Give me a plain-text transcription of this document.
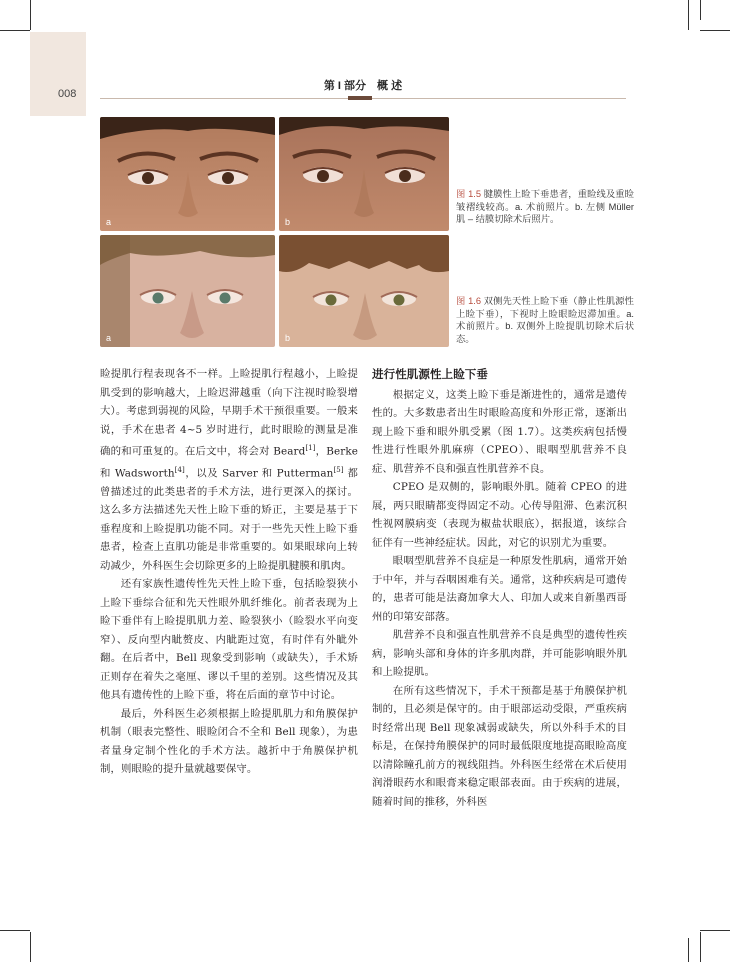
008
第 I 部分　概 述
a	b
图 1.5 腱膜性上睑下垂患者，重睑线及重睑皱褶线较高。a. 术前照片。b. 左侧 Müller 肌 – 结膜切除术后照片。
a	b
图 1.6 双侧先天性上睑下垂（静止性肌源性上睑下垂），下视时上睑眼睑迟滞加重。a. 术前照片。b. 双侧外上睑提肌切除术后状态。

睑提肌行程表现各不一样。上睑提肌行程越小，上睑提肌受到的影响越大，上睑迟滞越重（向下注视时睑裂增大）。考虑到弱视的风险，早期手术干预很重要。一般来说，手术在患者 4~5 岁时进行，此时眼睑的测量是准确的和可重复的。在后文中，将会对 Beard[1]，Berke 和 Wadsworth[4]，以及 Sarver 和 Putterman[5] 都曾描述过的此类患者的手术方法，进行更深入的探讨。这么多方法描述先天性上睑下垂的矫正，主要是基于下垂程度和上睑提肌功能不同。对于一些先天性上睑下垂患者，检查上直肌功能是非常重要的。如果眼球向上转动减少，外科医生会切除更多的上睑提肌腱膜和肌肉。

还有家族性遗传性先天性上睑下垂，包括睑裂狭小上睑下垂综合征和先天性眼外肌纤维化。前者表现为上睑下垂伴有上睑提肌肌力差、睑裂狭小（睑裂水平向变窄）、反向型内眦赘皮、内眦距过宽，有时伴有外眦外翻。在后者中，Bell 现象受到影响（或缺失），手术矫正则存在着失之毫厘、谬以千里的差别。这些情况及其他具有遗传性的上睑下垂，将在后面的章节中讨论。

最后，外科医生必须根据上睑提肌肌力和角膜保护机制（眼表完整性、眼睑闭合不全和 Bell 现象），为患者量身定制个性化的手术方法。越折中于角膜保护机制，则眼睑的提升量就越要保守。

进行性肌源性上睑下垂

根据定义，这类上睑下垂是渐进性的，通常是遗传性的。大多数患者出生时眼睑高度和外形正常，逐渐出现上睑下垂和眼外肌受累（图 1.7）。这类疾病包括慢性进行性眼外肌麻痹（CPEO）、眼咽型肌营养不良症、肌营养不良和强直性肌营养不良。

CPEO 是双侧的，影响眼外肌。随着 CPEO 的进展，两只眼睛都变得固定不动。心传导阻滞、色素沉积性视网膜病变（表现为椒盐状眼底），据报道，该综合征伴有一些神经症状。因此，对它的识别尤为重要。

眼咽型肌营养不良症是一种原发性肌病，通常开始于中年，并与吞咽困难有关。通常，这种疾病是可遗传的，患者可能是法裔加拿大人、印加人或来自新墨西哥州的印第安部落。

肌营养不良和强直性肌营养不良是典型的遗传性疾病，影响头部和身体的许多肌肉群，并可能影响眼外肌和上睑提肌。

在所有这些情况下，手术干预都是基于角膜保护机制的，且必须是保守的。由于眼部运动受限，严重疾病时经常出现 Bell 现象减弱或缺失，所以外科手术的目标是，在保持角膜保护的同时最低限度地提高眼睑高度以清除瞳孔前方的视线阻挡。外科医生经常在术后使用润滑眼药水和眼膏来稳定眼部表面。由于疾病的进展，随着时间的推移，外科医
